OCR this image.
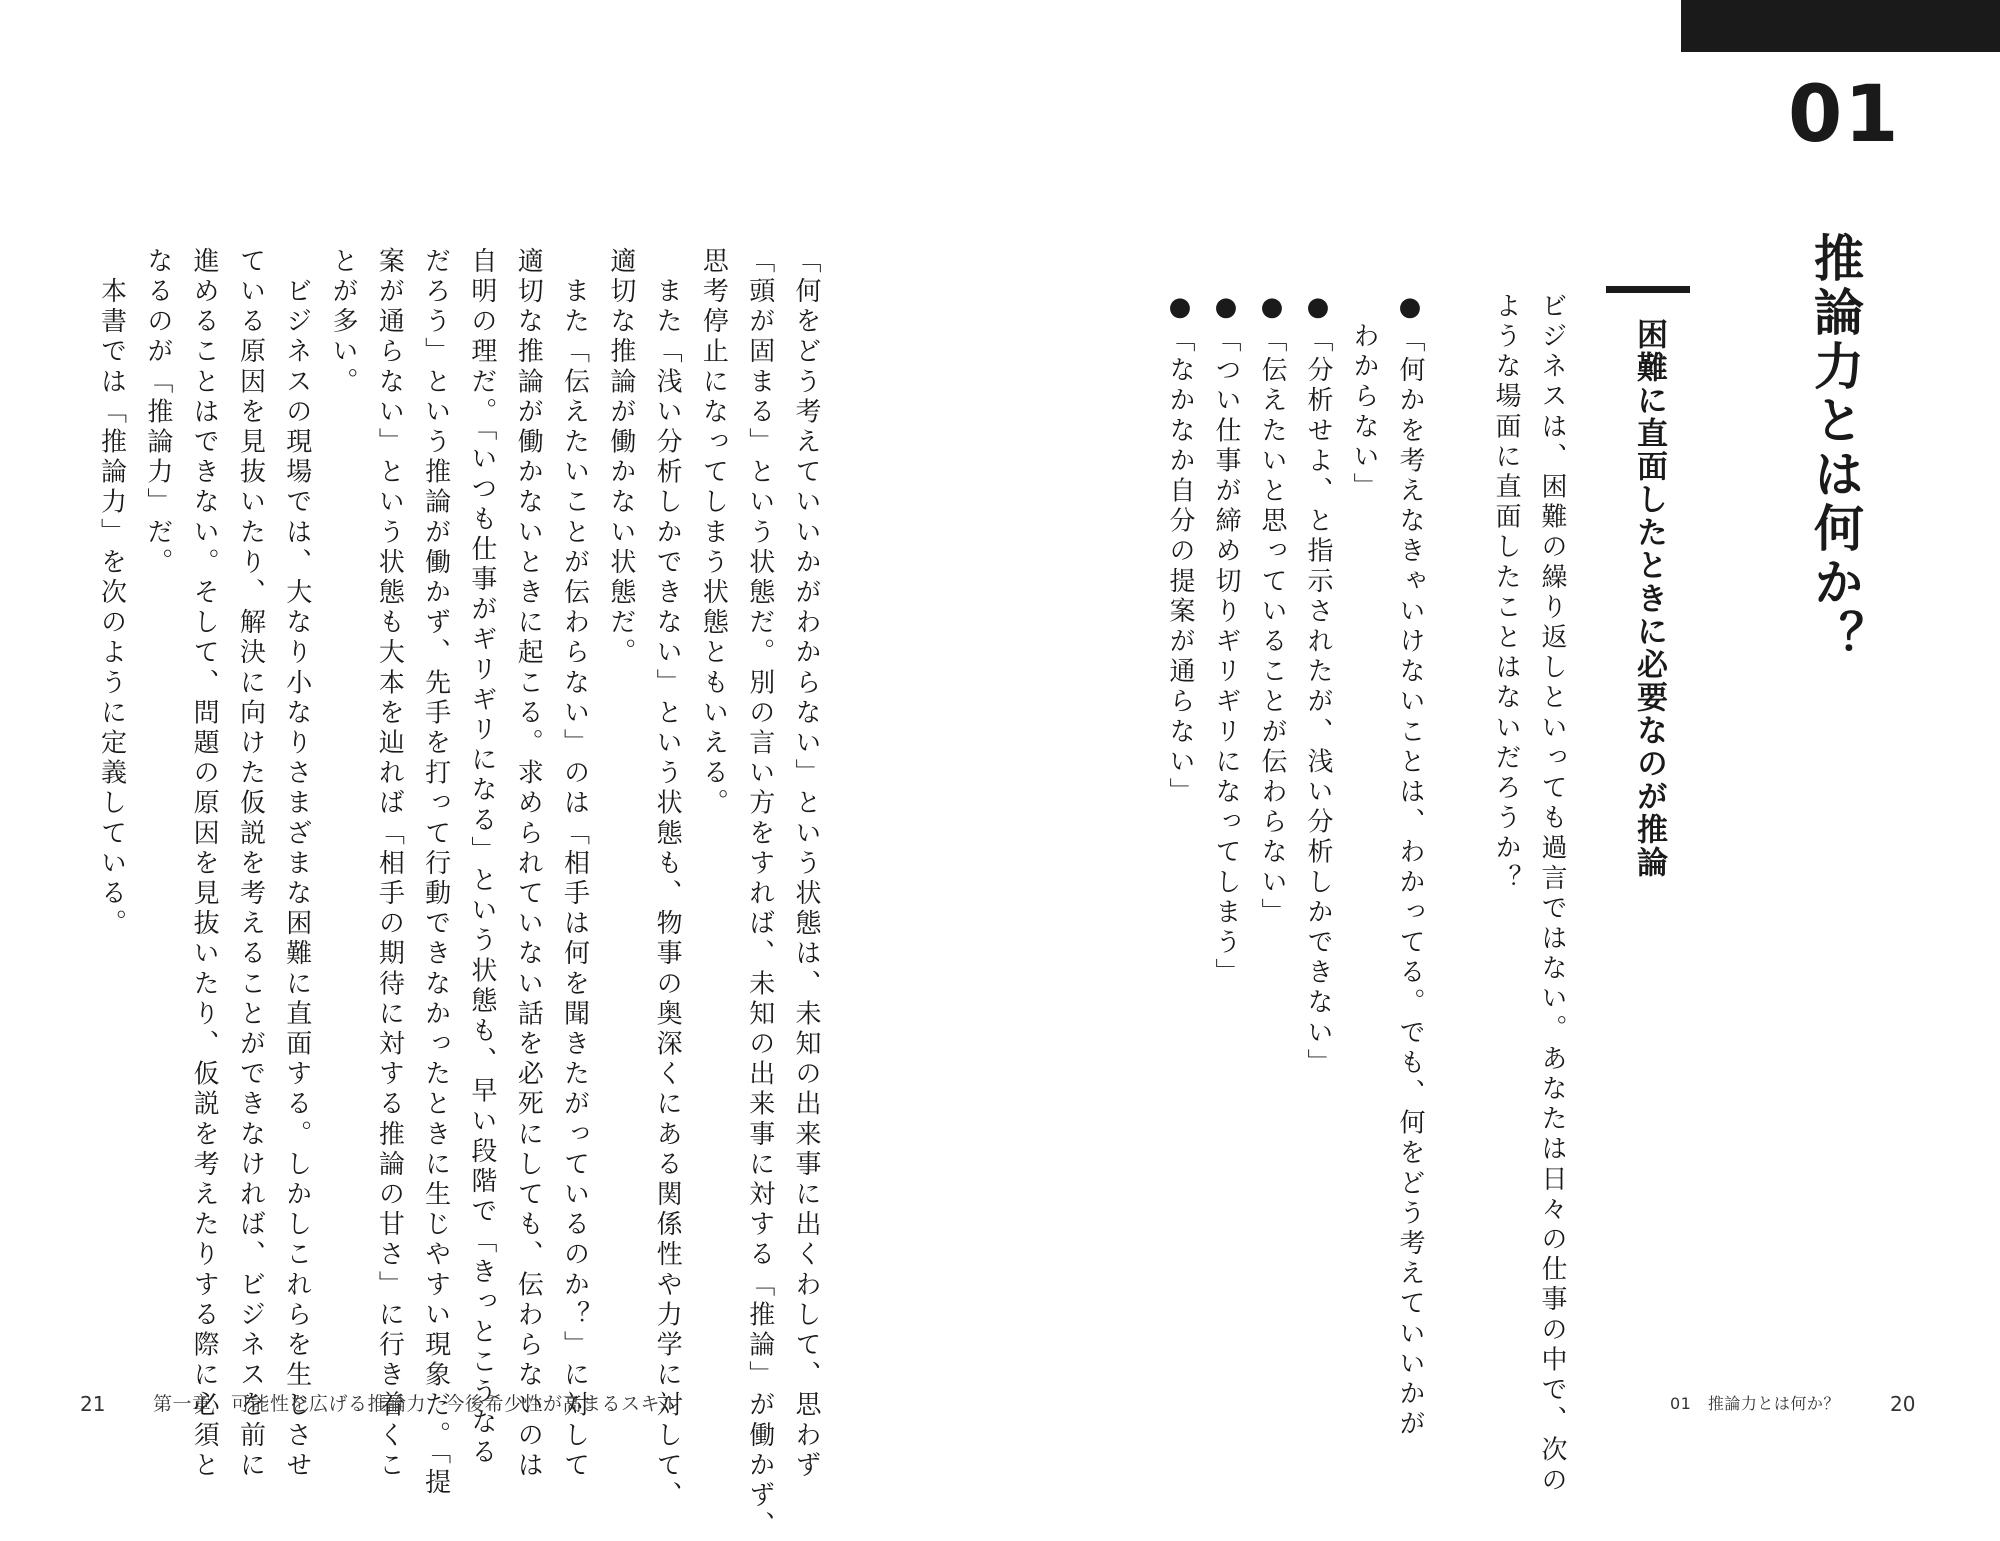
01
推論力とは何か？
困難に直面したときに必要なのが推論
ビジネスは、困難の繰り返しといっても過言ではない。あなたは日々の仕事の中で、次の
ような場面に直面したことはないだろうか？
●「何かを考えなきゃいけないことは、わかってる。でも、何をどう考えていいかが
　わからない」
●「分析せよ、と指示されたが、浅い分析しかできない」
●「伝えたいと思っていることが伝わらない」
●「つい仕事が締め切りギリギリになってしまう」
●「なかなか自分の提案が通らない」
「何をどう考えていいかがわからない」という状態は、未知の出来事に出くわして、思わず
「頭が固まる」という状態だ。別の言い方をすれば、未知の出来事に対する「推論」が働かず、
思考停止になってしまう状態ともいえる。
　また「浅い分析しかできない」という状態も、物事の奥深くにある関係性や力学に対して、
適切な推論が働かない状態だ。
　また「伝えたいことが伝わらない」のは「相手は何を聞きたがっているのか？」に対して
適切な推論が働かないときに起こる。求められていない話を必死にしても、伝わらないのは
自明の理だ。「いつも仕事がギリギリになる」という状態も、早い段階で「きっとこうなる
だろう」という推論が働かず、先手を打って行動できなかったときに生じやすい現象だ。「提
案が通らない」という状態も大本を辿れば「相手の期待に対する推論の甘さ」に行き着くこ
とが多い。
　ビジネスの現場では、大なり小なりさまざまな困難に直面する。しかしこれらを生じさせ
ている原因を見抜いたり、解決に向けた仮説を考えることができなければ、ビジネスを前に
進めることはできない。そして、問題の原因を見抜いたり、仮説を考えたりする際に必須と
なるのが「推論力」だ。
　本書では「推論力」を次のように定義している。
21	第一章　可能性を広げる推論力　今後希少性が高まるスキル	01　推論力とは何か？	20
